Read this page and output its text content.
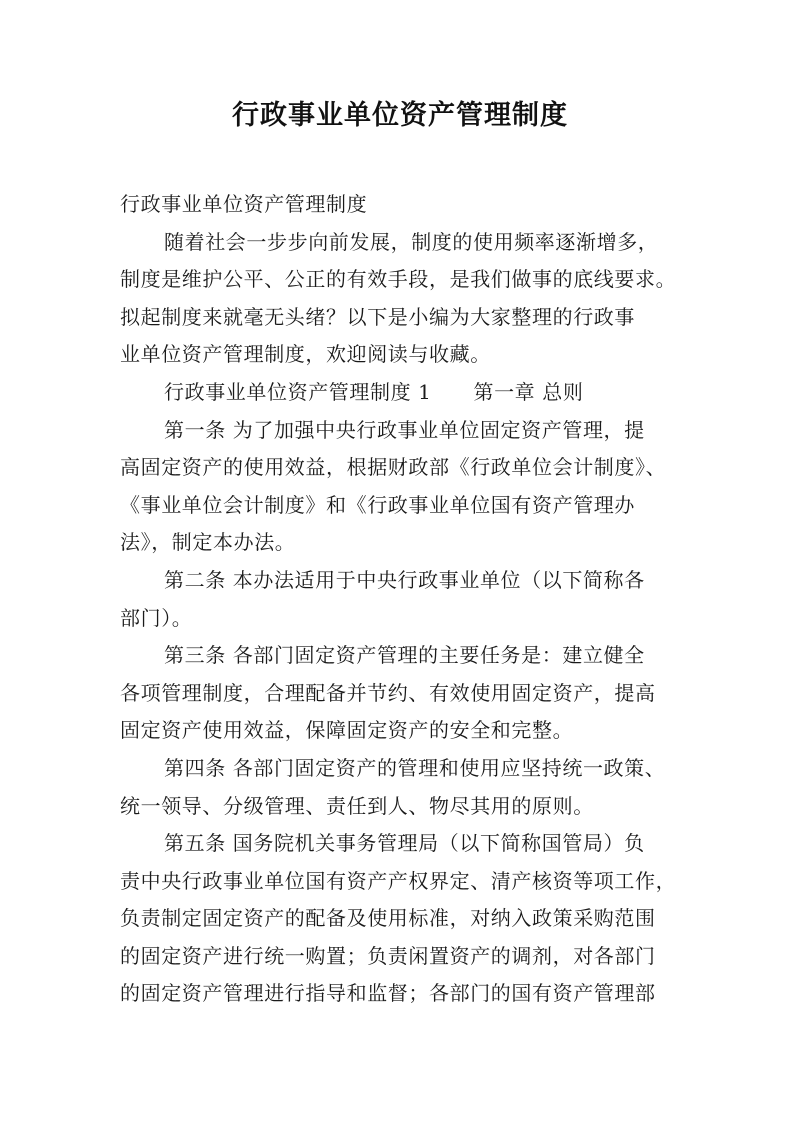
行政事业单位资产管理制度
行政事业单位资产管理制度
随着社会一步步向前发展，制度的使用频率逐渐增多，
制度是维护公平、公正的有效手段，是我们做事的底线要求。
拟起制度来就毫无头绪？以下是小编为大家整理的行政事
业单位资产管理制度，欢迎阅读与收藏。
行政事业单位资产管理制度 1 第一章 总则
第一条 为了加强中央行政事业单位固定资产管理，提
高固定资产的使用效益，根据财政部《行政单位会计制度》、
《事业单位会计制度》和《行政事业单位国有资产管理办
法》，制定本办法。
第二条 本办法适用于中央行政事业单位（以下简称各
部门）。
第三条 各部门固定资产管理的主要任务是：建立健全
各项管理制度，合理配备并节约、有效使用固定资产，提高
固定资产使用效益，保障固定资产的安全和完整。
第四条 各部门固定资产的管理和使用应坚持统一政策、
统一领导、分级管理、责任到人、物尽其用的原则。
第五条 国务院机关事务管理局（以下简称国管局）负
责中央行政事业单位国有资产产权界定、清产核资等项工作，
负责制定固定资产的配备及使用标准，对纳入政策采购范围
的固定资产进行统一购置；负责闲置资产的调剂，对各部门
的固定资产管理进行指导和监督；各部门的国有资产管理部
